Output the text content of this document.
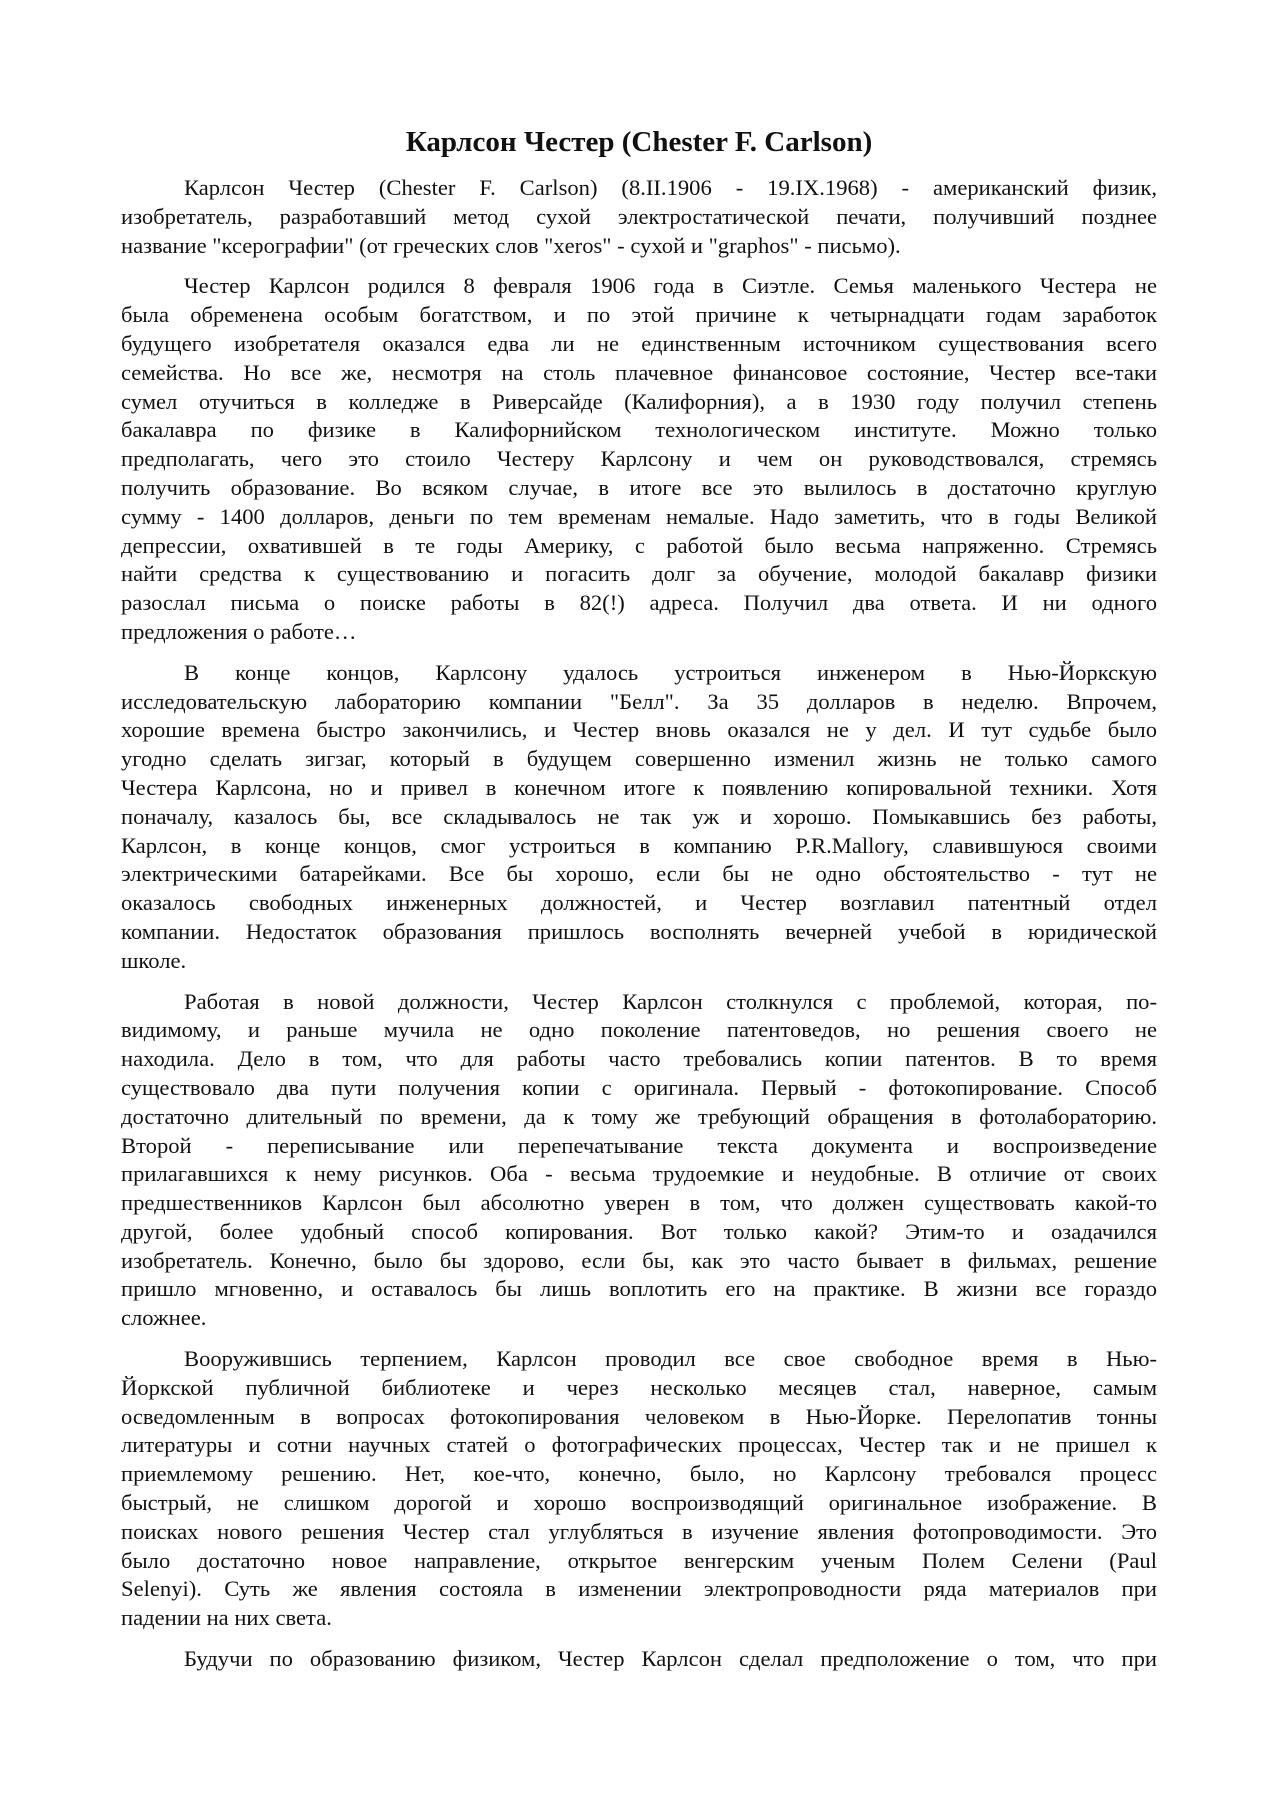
Карлсон Честер (Chester F. Carlson)
Карлсон Честер (Chester F. Carlson) (8.II.1906 - 19.IX.1968) - американский физик,
изобретатель, разработавший метод сухой электростатической печати, получивший позднее
название "ксерографии" (от греческих слов "xeros" - сухой и "graphos" - письмо).
Честер Карлсон родился 8 февраля 1906 года в Сиэтле. Семья маленького Честера не
была обременена особым богатством, и по этой причине к четырнадцати годам заработок
будущего изобретателя оказался едва ли не единственным источником существования всего
семейства. Но все же, несмотря на столь плачевное финансовое состояние, Честер все-таки
сумел отучиться в колледже в Риверсайде (Калифорния), а в 1930 году получил степень
бакалавра по физике в Калифорнийском технологическом институте. Можно только
предполагать, чего это стоило Честеру Карлсону и чем он руководствовался, стремясь
получить образование. Во всяком случае, в итоге все это вылилось в достаточно круглую
сумму - 1400 долларов, деньги по тем временам немалые. Надо заметить, что в годы Великой
депрессии, охватившей в те годы Америку, с работой было весьма напряженно. Стремясь
найти средства к существованию и погасить долг за обучение, молодой бакалавр физики
разослал письма о поиске работы в 82(!) адреса. Получил два ответа. И ни одного
предложения о работе…
В конце концов, Карлсону удалось устроиться инженером в Нью-Йоркскую
исследовательскую лабораторию компании "Белл". За 35 долларов в неделю. Впрочем,
хорошие времена быстро закончились, и Честер вновь оказался не у дел. И тут судьбе было
угодно сделать зигзаг, который в будущем совершенно изменил жизнь не только самого
Честера Карлсона, но и привел в конечном итоге к появлению копировальной техники. Хотя
поначалу, казалось бы, все складывалось не так уж и хорошо. Помыкавшись без работы,
Карлсон, в конце концов, смог устроиться в компанию P.R.Mallory, славившуюся своими
электрическими батарейками. Все бы хорошо, если бы не одно обстоятельство - тут не
оказалось свободных инженерных должностей, и Честер возглавил патентный отдел
компании. Недостаток образования пришлось восполнять вечерней учебой в юридической
школе.
Работая в новой должности, Честер Карлсон столкнулся с проблемой, которая, по-
видимому, и раньше мучила не одно поколение патентоведов, но решения своего не
находила. Дело в том, что для работы часто требовались копии патентов. В то время
существовало два пути получения копии с оригинала. Первый - фотокопирование. Способ
достаточно длительный по времени, да к тому же требующий обращения в фотолабораторию.
Второй - переписывание или перепечатывание текста документа и воспроизведение
прилагавшихся к нему рисунков. Оба - весьма трудоемкие и неудобные. В отличие от своих
предшественников Карлсон был абсолютно уверен в том, что должен существовать какой-то
другой, более удобный способ копирования. Вот только какой? Этим-то и озадачился
изобретатель. Конечно, было бы здорово, если бы, как это часто бывает в фильмах, решение
пришло мгновенно, и оставалось бы лишь воплотить его на практике. В жизни все гораздо
сложнее.
Вооружившись терпением, Карлсон проводил все свое свободное время в Нью-
Йоркской публичной библиотеке и через несколько месяцев стал, наверное, самым
осведомленным в вопросах фотокопирования человеком в Нью-Йорке. Перелопатив тонны
литературы и сотни научных статей о фотографических процессах, Честер так и не пришел к
приемлемому решению. Нет, кое-что, конечно, было, но Карлсону требовался процесс
быстрый, не слишком дорогой и хорошо воспроизводящий оригинальное изображение. В
поисках нового решения Честер стал углубляться в изучение явления фотопроводимости. Это
было достаточно новое направление, открытое венгерским ученым Полем Селени (Paul
Selenyi). Суть же явления состояла в изменении электропроводности ряда материалов при
падении на них света.
Будучи по образованию физиком, Честер Карлсон сделал предположение о том, что при
